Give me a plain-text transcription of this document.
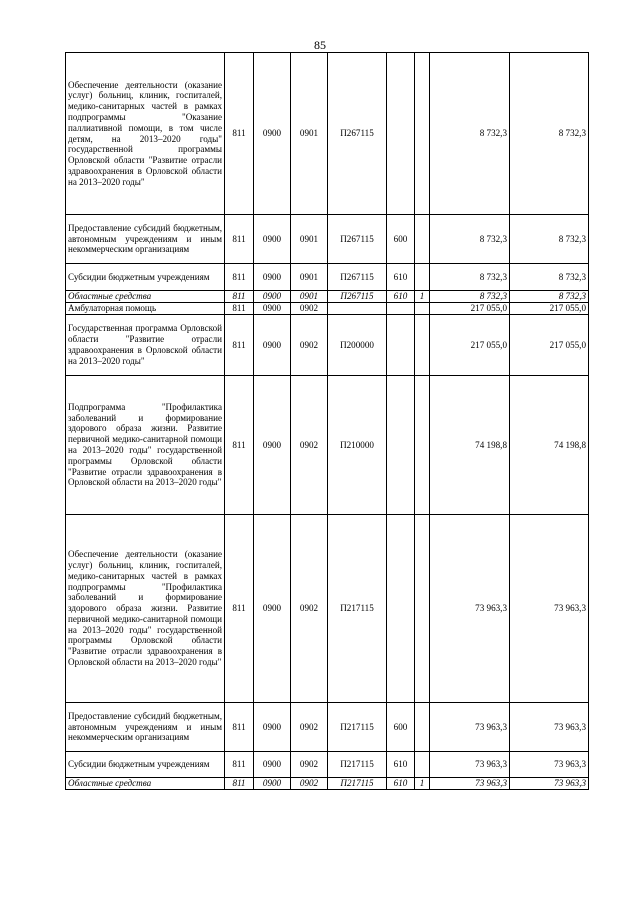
85
Обеспечение деятельности (оказание услуг) больниц, клиник, госпиталей, медико-санитарных частей в рамках подпрограммы "Оказание паллиативной помощи, в том числе детям, на 2013–2020 годы" государственной программы Орловской области "Развитие отрасли здравоохранения в Орловской области на 2013–2020 годы"	811	0900	0901	П267115			8 732,3	8 732,3
Предоставление субсидий бюджетным, автономным учреждениям и иным некоммерческим организациям	811	0900	0901	П267115	600		8 732,3	8 732,3
Субсидии бюджетным учреждениям	811	0900	0901	П267115	610		8 732,3	8 732,3
Областные средства	811	0900	0901	П267115	610	1	8 732,3	8 732,3
Амбулаторная помощь	811	0900	0902				217 055,0	217 055,0
Государственная программа Орловской области "Развитие отрасли здравоохранения в Орловской области на 2013–2020 годы"	811	0900	0902	П200000			217 055,0	217 055,0
Подпрограмма "Профилактика заболеваний и формирование здорового образа жизни. Развитие первичной медико-санитарной помощи на 2013–2020 годы" государственной программы Орловской области "Развитие отрасли здравоохранения в Орловской области на 2013–2020 годы"	811	0900	0902	П210000			74 198,8	74 198,8
Обеспечение деятельности (оказание услуг) больниц, клиник, госпиталей, медико-санитарных частей в рамках подпрограммы "Профилактика заболеваний и формирование здорового образа жизни. Развитие первичной медико-санитарной помощи на 2013–2020 годы" государственной программы Орловской области "Развитие отрасли здравоохранения в Орловской области на 2013–2020 годы"	811	0900	0902	П217115			73 963,3	73 963,3
Предоставление субсидий бюджетным, автономным учреждениям и иным некоммерческим организациям	811	0900	0902	П217115	600		73 963,3	73 963,3
Субсидии бюджетным учреждениям	811	0900	0902	П217115	610		73 963,3	73 963,3
Областные средства	811	0900	0902	П217115	610	1	73 963,3	73 963,3
